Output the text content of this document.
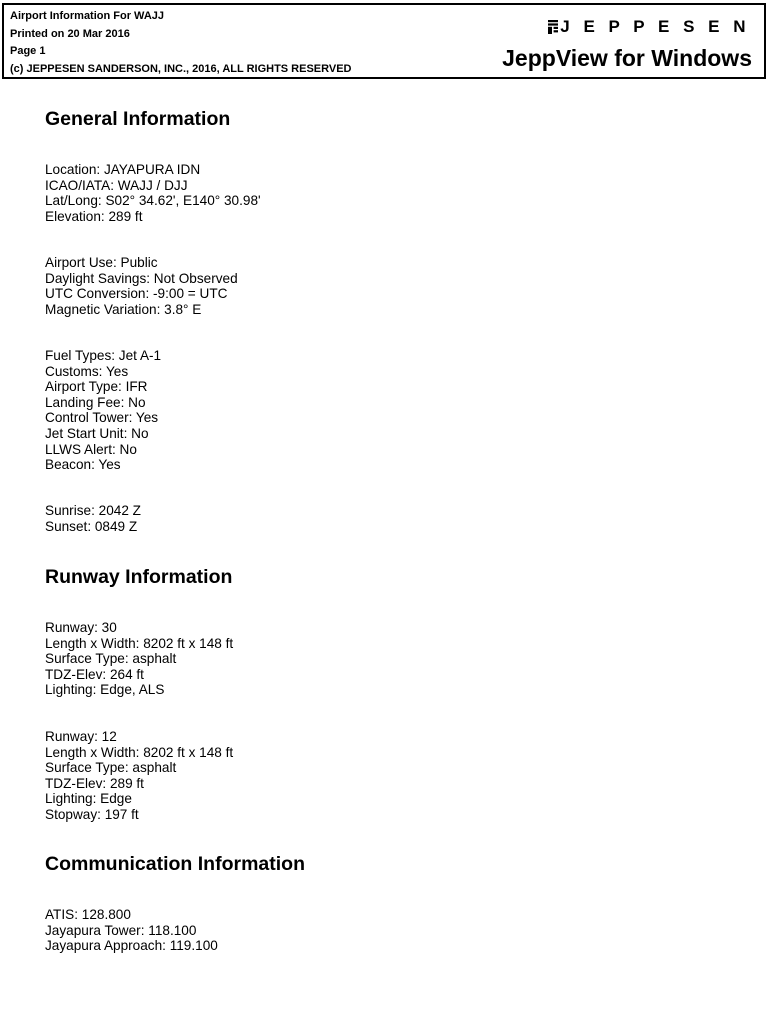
Airport Information For WAJJ
Printed on 20 Mar 2016
Page 1
(c) JEPPESEN SANDERSON, INC., 2016, ALL RIGHTS RESERVED
J E P P E S E N
JeppView for Windows
General Information
Location: JAYAPURA IDN
ICAO/IATA: WAJJ / DJJ
Lat/Long: S02° 34.62', E140° 30.98'
Elevation: 289 ft
Airport Use: Public
Daylight Savings: Not Observed
UTC Conversion: -9:00 = UTC
Magnetic Variation: 3.8° E
Fuel Types: Jet A-1
Customs: Yes
Airport Type: IFR
Landing Fee: No
Control Tower: Yes
Jet Start Unit: No
LLWS Alert: No
Beacon: Yes
Sunrise: 2042 Z
Sunset: 0849 Z
Runway Information
Runway: 30
Length x Width: 8202 ft x 148 ft
Surface Type: asphalt
TDZ-Elev: 264 ft
Lighting: Edge, ALS
Runway: 12
Length x Width: 8202 ft x 148 ft
Surface Type: asphalt
TDZ-Elev: 289 ft
Lighting: Edge
Stopway: 197 ft
Communication Information
ATIS: 128.800
Jayapura Tower: 118.100
Jayapura Approach: 119.100
